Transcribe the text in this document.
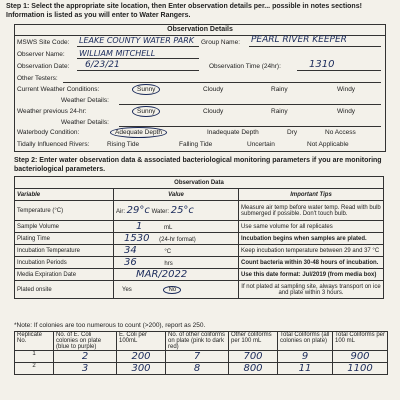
Step 1: Select the appropriate site location, then Enter observation details per... possible in notes sections! Information is listed as you will enter to Water Rangers.
Observation Details
MSWS Site Code: LEAKE COUNTY WATER PARK Group Name: PEARL RIVER KEEPER
Observer Name: WILLIAM MITCHELL
Observation Date: 6/23/21	Observation Time (24hr):	1310
Other Testers:
Current Weather Conditions:	Sunny	Cloudy	Rainy	Windy
Weather Details:
Weather previous 24-hr:	Sunny	Cloudy	Rainy	Windy
Weather Details:
Waterbody Condition:	Adequate Depth	Inadequate Depth	Dry	No Access
Tidally Influenced Rivers:	Rising Tide	Falling Tide	Uncertain	Not Applicable
Step 2: Enter water observation data & associated bacteriological monitoring parameters if you are monitoring bacteriological parameters.
Observation Data		
Variable	Value	Important Tips
Temperature (°C)	Air: 29°c Water: 25°c	Measure air temp before water temp. Read with bulb submerged if possible. Don't touch bulb.
Sample Volume	1 mL	Use same volume for all replicates
Plating Time	1530 (24-hr format)	Incubation begins when samples are plated.
Incubation Temperature	34 °C	Keep incubation temperature between 29 and 37 °C
Incubation Periods	36 hrs	Count bacteria within 30-48 hours of incubation.
Media Expiration Date	MAR/2022	Use this date format: Jul/2019 (from media box)
Plated onsite	Yes No	If not plated at sampling site, always transport on ice and plate within 3 hours.
*Note: If colonies are too numerous to count (>200), report as 250.
Replicate No.	No. of E. Coli colonies on plate (blue to purple)	E. Coli per 100mL	No. of other coliforms on plate (pink to dark red)	Other coliforms per 100 mL	Total Coliforms (all colonies on plate)	Total Coliforms per 100 mL
1	2	200	7	700	9	900
2	3	300	8	800	11	1100
